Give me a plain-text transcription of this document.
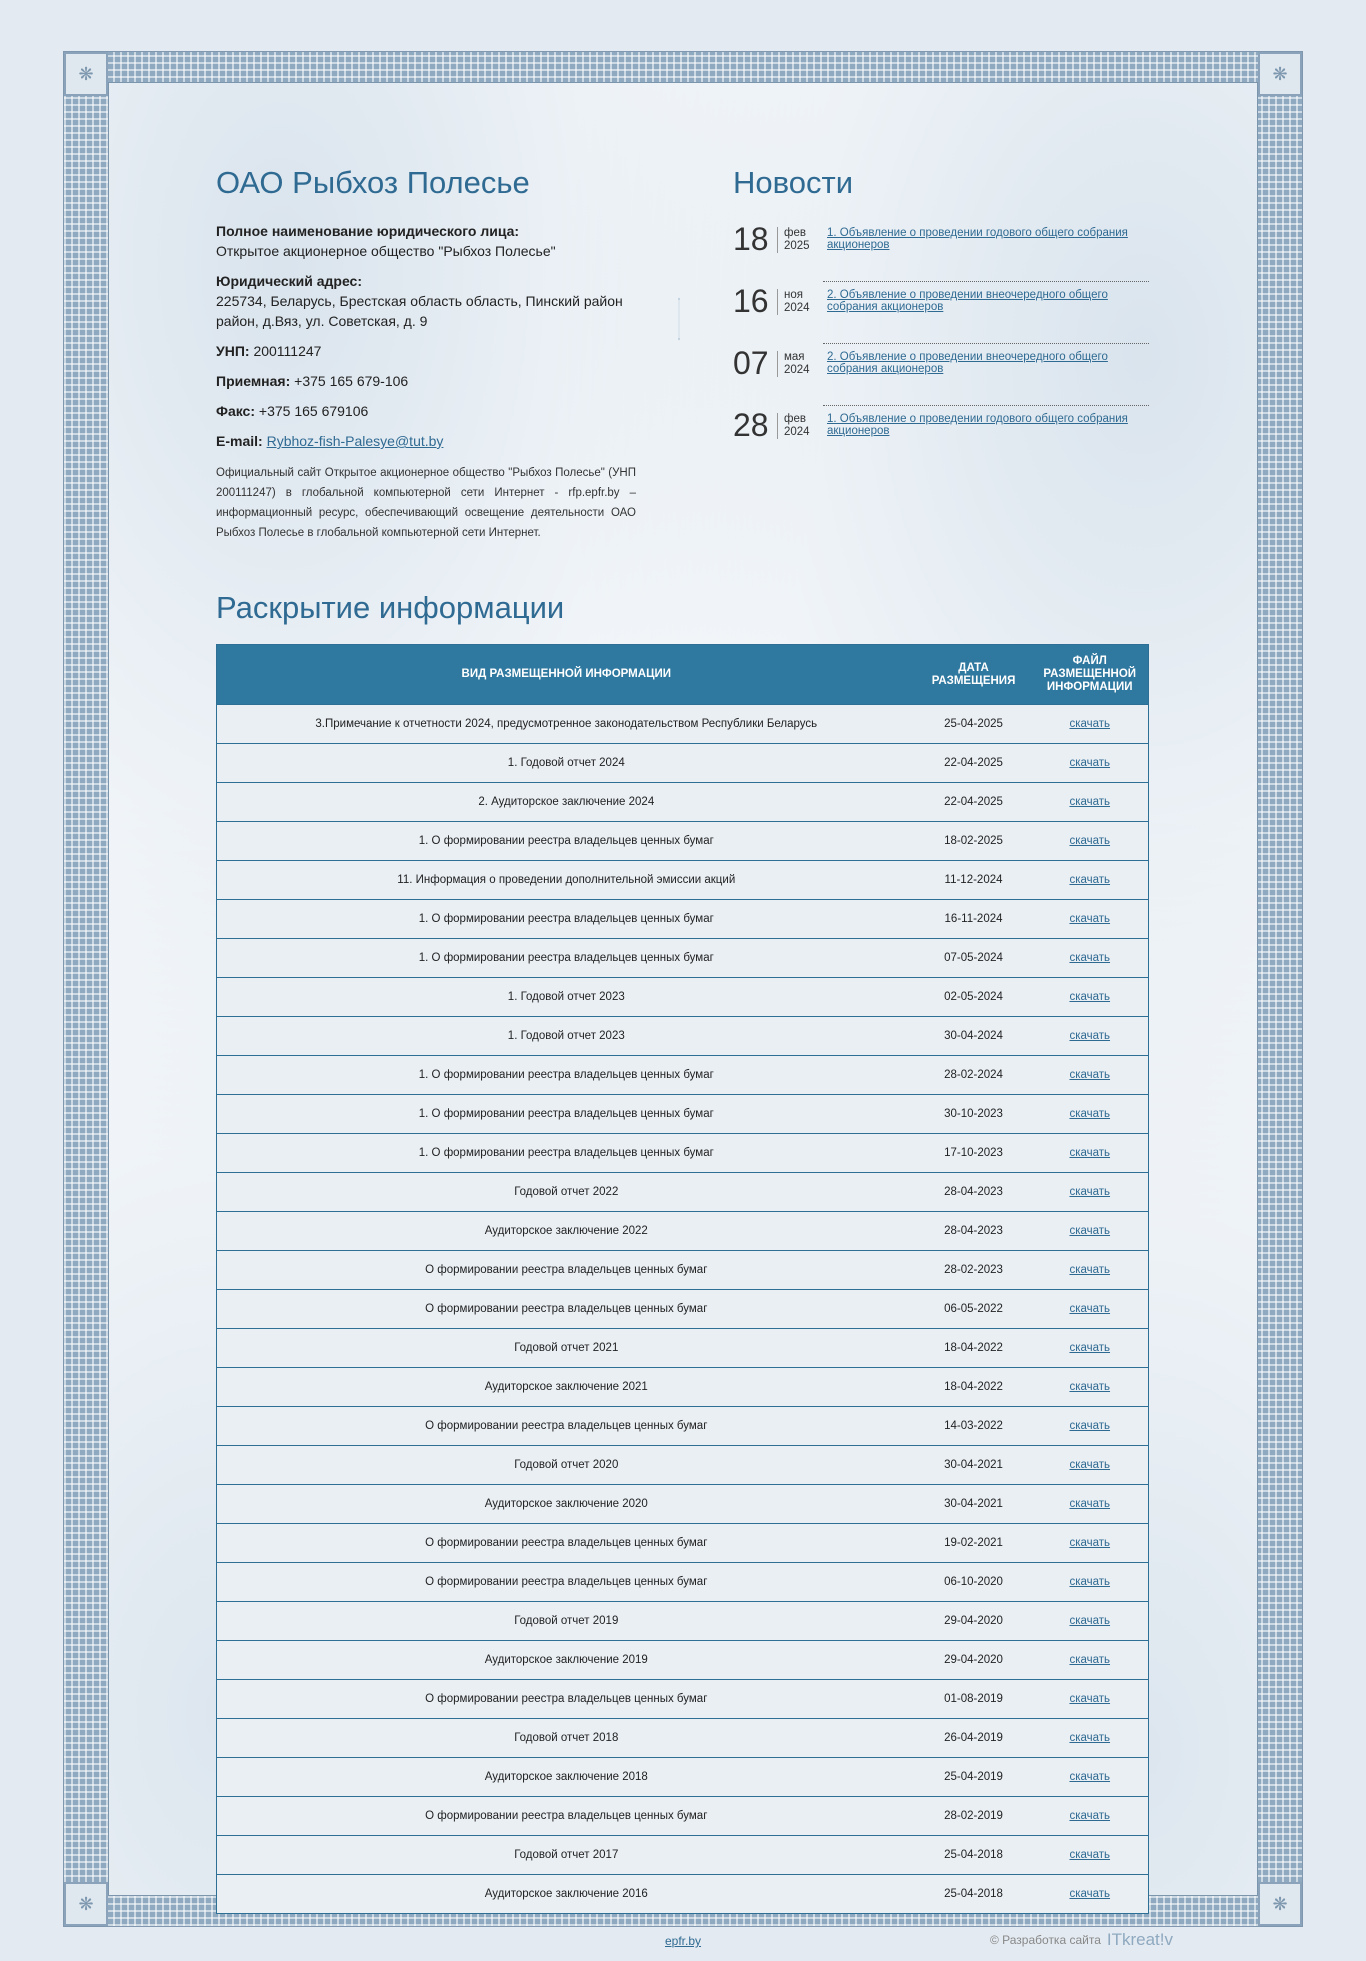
❋	❋
❋	❋
ОАО Рыбхоз Полесье
Полное наименование юридического лица:
Открытое акционерное общество "Рыбхоз Полесье"
Юридический адрес:
225734, Беларусь, Брестская область область, Пинский район район, д.Вяз, ул. Советская, д. 9
УНП: 200111247
Приемная: +375 165 679-106
Факс: +375 165 679106
E-mail: Rybhoz-fish-Palesye@tut.by
Официальный сайт Открытое акционерное общество "Рыбхоз Полесье" (УНП 200111247) в глобальной компьютерной сети Интернет - rfp.epfr.by – информационный ресурс, обеспечивающий освещение деятельности ОАО Рыбхоз Полесье в глобальной компьютерной сети Интернет.
Новости
18	фев
2025
1. Объявление о проведении годового общего собрания акционеров
16	ноя
2024
2. Объявление о проведении внеочередного общего собрания акционеров
07	мая
2024
2. Объявление о проведении внеочередного общего собрания акционеров
28	фев
2024
1. Объявление о проведении годового общего собрания акционеров
Раскрытие информации
ВИД РАЗМЕЩЕННОЙ ИНФОРМАЦИИ	ДАТА РАЗМЕЩЕНИЯ	ФАЙЛ РАЗМЕЩЕННОЙ ИНФОРМАЦИИ
3.Примечание к отчетности 2024, предусмотренное законодательством Республики Беларусь	25-04-2025	скачать
1. Годовой отчет 2024	22-04-2025	скачать
2. Аудиторское заключение 2024	22-04-2025	скачать
1. О формировании реестра владельцев ценных бумаг	18-02-2025	скачать
11. Информация о проведении дополнительной эмиссии акций	11-12-2024	скачать
1. О формировании реестра владельцев ценных бумаг	16-11-2024	скачать
1. О формировании реестра владельцев ценных бумаг	07-05-2024	скачать
1. Годовой отчет 2023	02-05-2024	скачать
1. Годовой отчет 2023	30-04-2024	скачать
1. О формировании реестра владельцев ценных бумаг	28-02-2024	скачать
1. О формировании реестра владельцев ценных бумаг	30-10-2023	скачать
1. О формировании реестра владельцев ценных бумаг	17-10-2023	скачать
Годовой отчет 2022	28-04-2023	скачать
Аудиторское заключение 2022	28-04-2023	скачать
О формировании реестра владельцев ценных бумаг	28-02-2023	скачать
О формировании реестра владельцев ценных бумаг	06-05-2022	скачать
Годовой отчет 2021	18-04-2022	скачать
Аудиторское заключение 2021	18-04-2022	скачать
О формировании реестра владельцев ценных бумаг	14-03-2022	скачать
Годовой отчет 2020	30-04-2021	скачать
Аудиторское заключение 2020	30-04-2021	скачать
О формировании реестра владельцев ценных бумаг	19-02-2021	скачать
О формировании реестра владельцев ценных бумаг	06-10-2020	скачать
Годовой отчет 2019	29-04-2020	скачать
Аудиторское заключение 2019	29-04-2020	скачать
О формировании реестра владельцев ценных бумаг	01-08-2019	скачать
Годовой отчет 2018	26-04-2019	скачать
Аудиторское заключение 2018	25-04-2019	скачать
О формировании реестра владельцев ценных бумаг	28-02-2019	скачать
Годовой отчет 2017	25-04-2018	скачать
Аудиторское заключение 2016	25-04-2018	скачать
epfr.by	© Разработка сайта ITkreat!v
